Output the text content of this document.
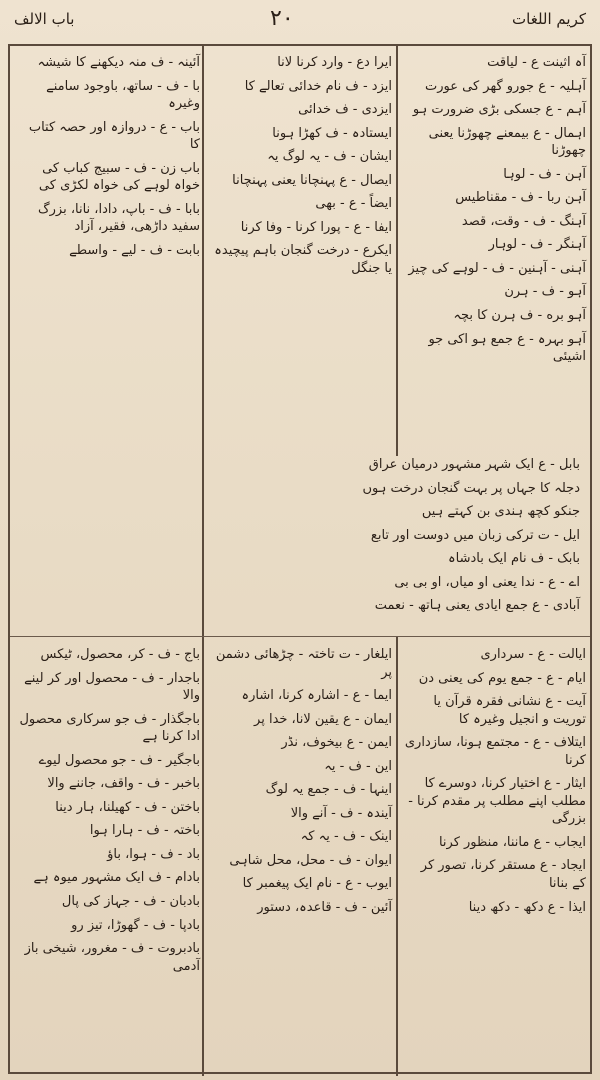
باب الالف	۲۰	کریم اللغات
آہ اثینت ع - لیاقت
آہلیہ - ع جورو گھر کی عورت
آہم - ع جسکی بڑی ضرورت ہو
اہمال - ع بیمعنے چھوڑنا یعنی چھوڑنا
آہن - ف - لوہا
آہن ربا - ف - مقناطیس
آہنگ - ف - وقت، قصد
آہنگر - ف - لوہار
آہنی - آہنین - ف - لوہے کی چیز
آہو - ف - ہرن
آہو بره - ف ہرن کا بچہ
آہو بہرہ - ع جمع ہو اکی جو اشیئی
ایرا دع - وارد کرنا لانا
ایزد - ف نام خدائی تعالے کا
ایزدی - ف خدائی
ایستادہ - ف کھڑا ہونا
ایشان - ف - یہ لوگ یہ
ایصال - ع پہنچانا یعنی پہنچانا
ایضاً - ع - بھی
ایفا - ع - پورا کرنا - وفا کرنا
ایکرع - درخت گنجان باہم پیچیدہ یا جنگل
آئینہ - ف منہ دیکھنے کا شیشہ
با - ف - ساتھ، باوجود سامنے وغیرہ
باب - ع - دروازہ اور حصہ کتاب کا
باب زن - ف - سبیج کباب کی خواہ لوہے کی خواہ لکڑی کی
بابا - ف - باپ، دادا، نانا، بزرگ سفید داڑھی، فقیر، آزاد
بابت - ف - لیے - واسطے
بابل - ع ایک شہر مشہور درمیان عراق
دجلہ کا جہاں پر بہت گنجان درخت ہوں
جنکو کچھ ہندی بن کہتے ہیں
ایل - ت ترکی زبان میں دوست اور تابع
بابک - ف نام ایک بادشاہ
اے - ع - ندا یعنی او میاں، او بی بی
آبادی - ع جمع ایادی یعنی ہاتھ - نعمت
ایالت - ع - سرداری
ایام - ع - جمع یوم کی یعنی دن
آیت - ع نشانی فقرہ قرآن یا توریت و انجیل وغیرہ کا
ایتلاف - ع - مجتمع ہونا، سازداری کرنا
ایثار - ع اختیار کرنا، دوسرے کا مطلب اپنے مطلب پر مقدم کرنا - بزرگی
ایجاب - ع ماننا، منظور کرنا
ایجاد - ع مستقر کرنا، تصور کر کے بنانا
ایذا - ع دکھ - دکھ دینا
ایلغار - ت تاختہ - چڑھائی دشمن پر
ایما - ع - اشارہ کرنا، اشارہ
ایمان - ع یقین لانا، خدا پر
ایمن - ع بیخوف، نڈر
این - ف - یہ
اینہا - ف - جمع یہ لوگ
آیندہ - ف - آنے والا
اینک - ف - یہ کہ
ایوان - ف - محل، محل شاہی
ایوب - ع - نام ایک پیغمبر کا
آئین - ف - قاعدہ، دستور
باج - ف - کر، محصول، ٹیکس
باجدار - ف - محصول اور کر لینے والا
باجگذار - ف جو سرکاری محصول ادا کرنا ہے
باجگیر - ف - جو محصول لیوے
باخبر - ف - واقف، جاننے والا
باختن - ف - کھیلنا، ہار دینا
باختہ - ف - ہارا ہوا
باد - ف - ہوا، باؤ
بادام - ف ایک مشہور میوہ ہے
بادبان - ف - جہاز کی پال
بادپا - ف - گھوڑا، تیز رو
بادبروت - ف - مغرور، شیخی باز آدمی
